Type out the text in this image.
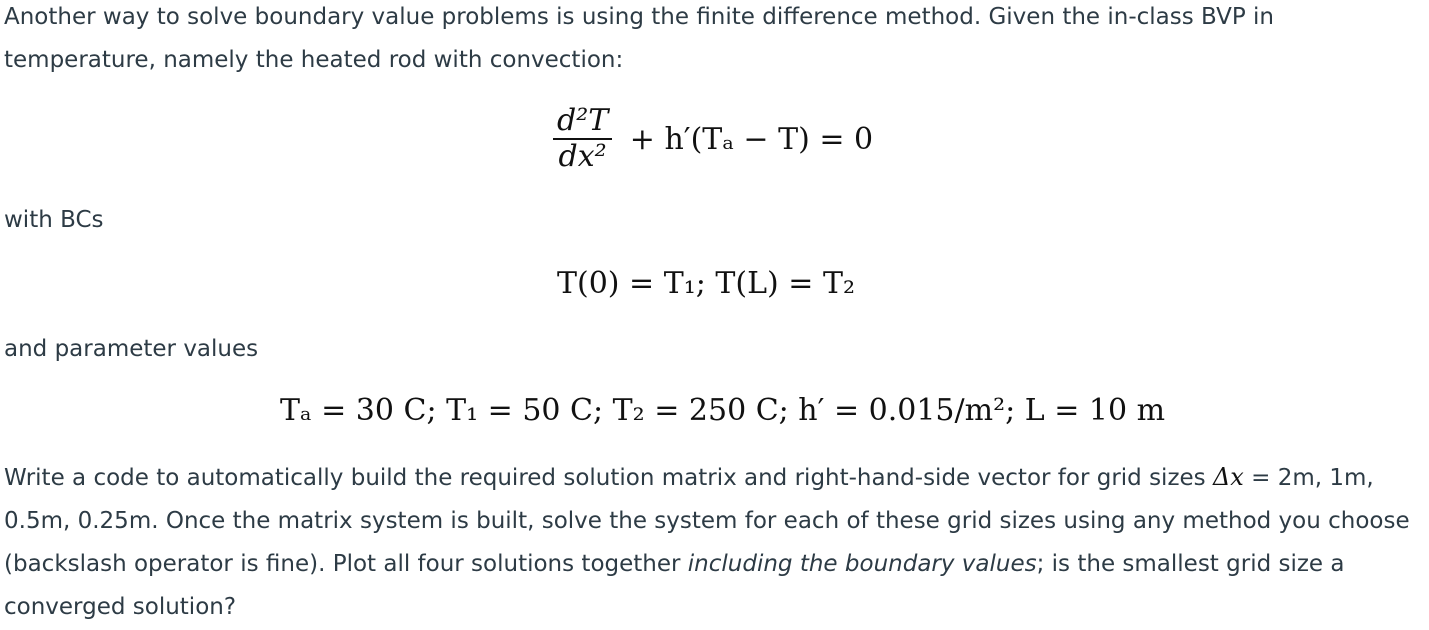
Another way to solve boundary value problems is using the finite difference method. Given the in-class BVP in
temperature, namely the heated rod with convection:

$\frac{\text{d²T}}{\text{dx²}} + h'(T_a - T) = 0$

with BCs

T(0) = T₁; T(L) = T₂

and parameter values

Tₐ = 30 C; T₁ = 50 C; T₂ = 250 C; h′ = 0.015/m²; L = 10 m

Write a code to automatically build the required solution matrix and right-hand-side vector for grid sizes Δx = 2m, 1m, 0.5m, 0.25m. Once the matrix system is built, solve the system for each of these grid sizes using any method you choose (backslash operator is fine). Plot all four solutions together including the boundary values; is the smallest grid size a converged solution?
